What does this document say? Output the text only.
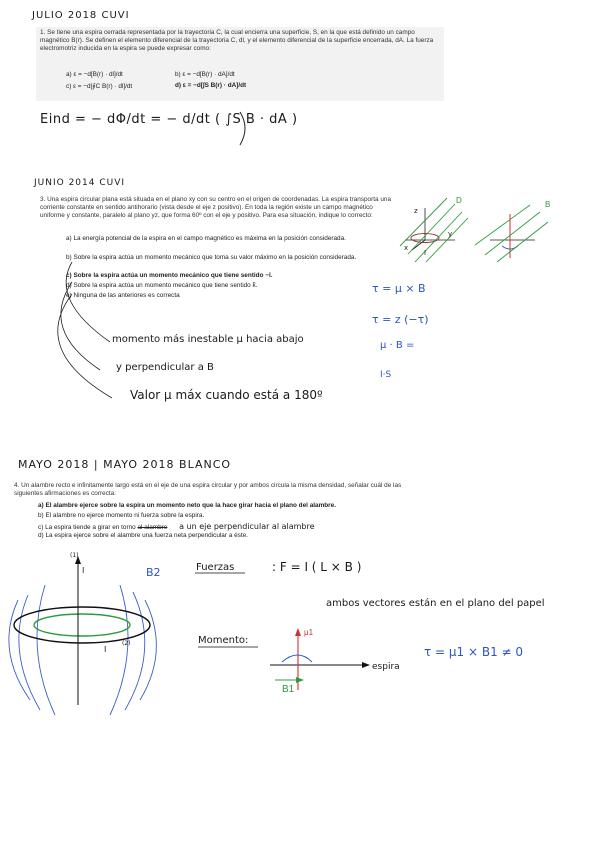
JULIO 2018 CUVI
1. Se tiene una espira cerrada representada por la trayectoria C, la cual encierra una superficie, S, en la que está definido un campo magnético B(r). Se definen el elemento diferencial de la trayectoria C, dl, y el elemento diferencial de la superficie encerrada, dA. La fuerza electromotriz inducida en la espira se puede expresar como:
a) ε = −d[B(r) · dl]/dt	b) ε = −d[B(r) · dA]/dt
c) ε = −d[∮C B(r) · dl]/dt	d) ε = −d[∫S B(r) · dA]/dt
Eind = − dΦ/dt = − d/dt ( ∫S B · dA )
JUNIO 2014 CUVI
3. Una espira circular plana está situada en el plano xy con su centro en el origen de coordenadas. La espira transporta una corriente constante en sentido antihorario (vista desde el eje z positivo). En toda la región existe un campo magnético uniforme y constante, paralelo al plano yz, que forma 60º con el eje y positivo. Para esa situación, indique lo correcto:
a) La energía potencial de la espira en el campo magnético es máxima en la posición considerada.
b) Sobre la espira actúa un momento mecánico que toma su valor máximo en la posición considerada.
c) Sobre la espira actúa un momento mecánico que tiene sentido −î.
d) Sobre la espira actúa un momento mecánico que tiene sentido k̂.
e) Ninguna de las anteriores es correcta
z
x
y
I
D	B
τ = μ × B
τ = z (−τ)
μ · B =
I·S
momento más inestable μ hacia abajo
y perpendicular a B
Valor μ máx cuando está a 180º
MAYO 2018 | MAYO 2018 BLANCO
4. Un alambre recto e infinitamente largo está en el eje de una espira circular y por ambos circula la misma densidad, señalar cuál de las siguientes afirmaciones es correcta:
a) El alambre ejerce sobre la espira un momento neto que la hace girar hacia el plano del alambre.
b) El alambre no ejerce momento ni fuerza sobre la espira.
c) La espira tiende a girar en torno al alambre a un eje perpendicular al alambre
d) La espira ejerce sobre el alambre una fuerza neta perpendicular a éste.
(1)
I	B2
I
(2)
Fuerzas	: F = I ( L × B )
ambos vectores están en el plano del papel
Momento:
μ1
B1
espira
τ = μ1 × B1 ≠ 0
